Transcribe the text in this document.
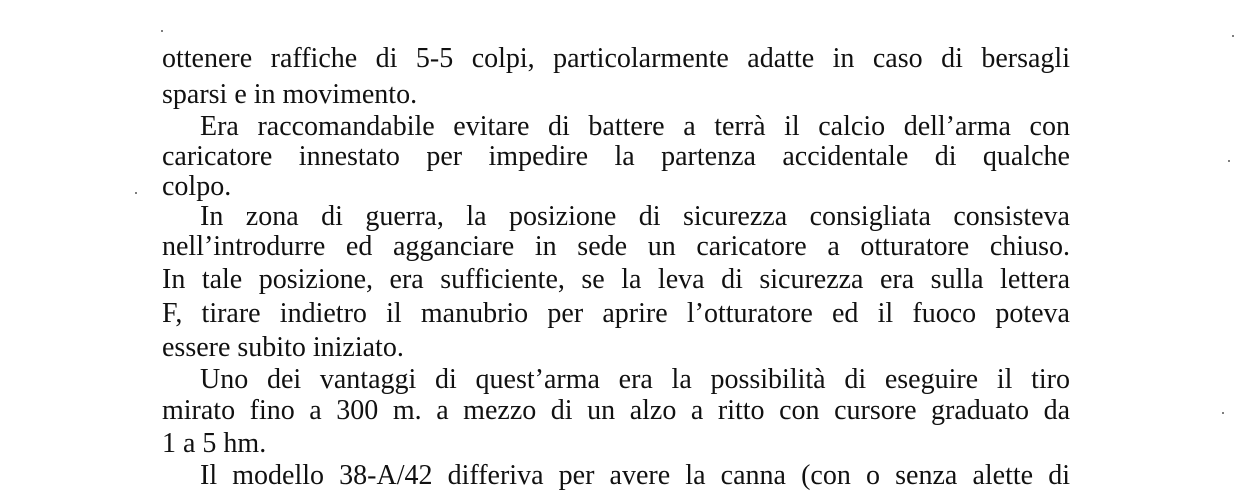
ottenere raffiche di 5-5 colpi, particolarmente adatte in caso di bersagli
sparsi e in movimento.
Era raccomandabile evitare di battere a terrà il calcio dell’arma con
caricatore innestato per impedire la partenza accidentale di qualche
colpo.
In zona di guerra, la posizione di sicurezza consigliata consisteva
nell’introdurre ed agganciare in sede un caricatore a otturatore chiuso.
In tale posizione, era sufficiente, se la leva di sicurezza era sulla lettera
F, tirare indietro il manubrio per aprire l’otturatore ed il fuoco poteva
essere subito iniziato.
Uno dei vantaggi di quest’arma era la possibilità di eseguire il tiro
mirato fino a 300 m. a mezzo di un alzo a ritto con cursore graduato da
1 a 5 hm.
Il modello 38-A/42 differiva per avere la canna (con o senza alette di
